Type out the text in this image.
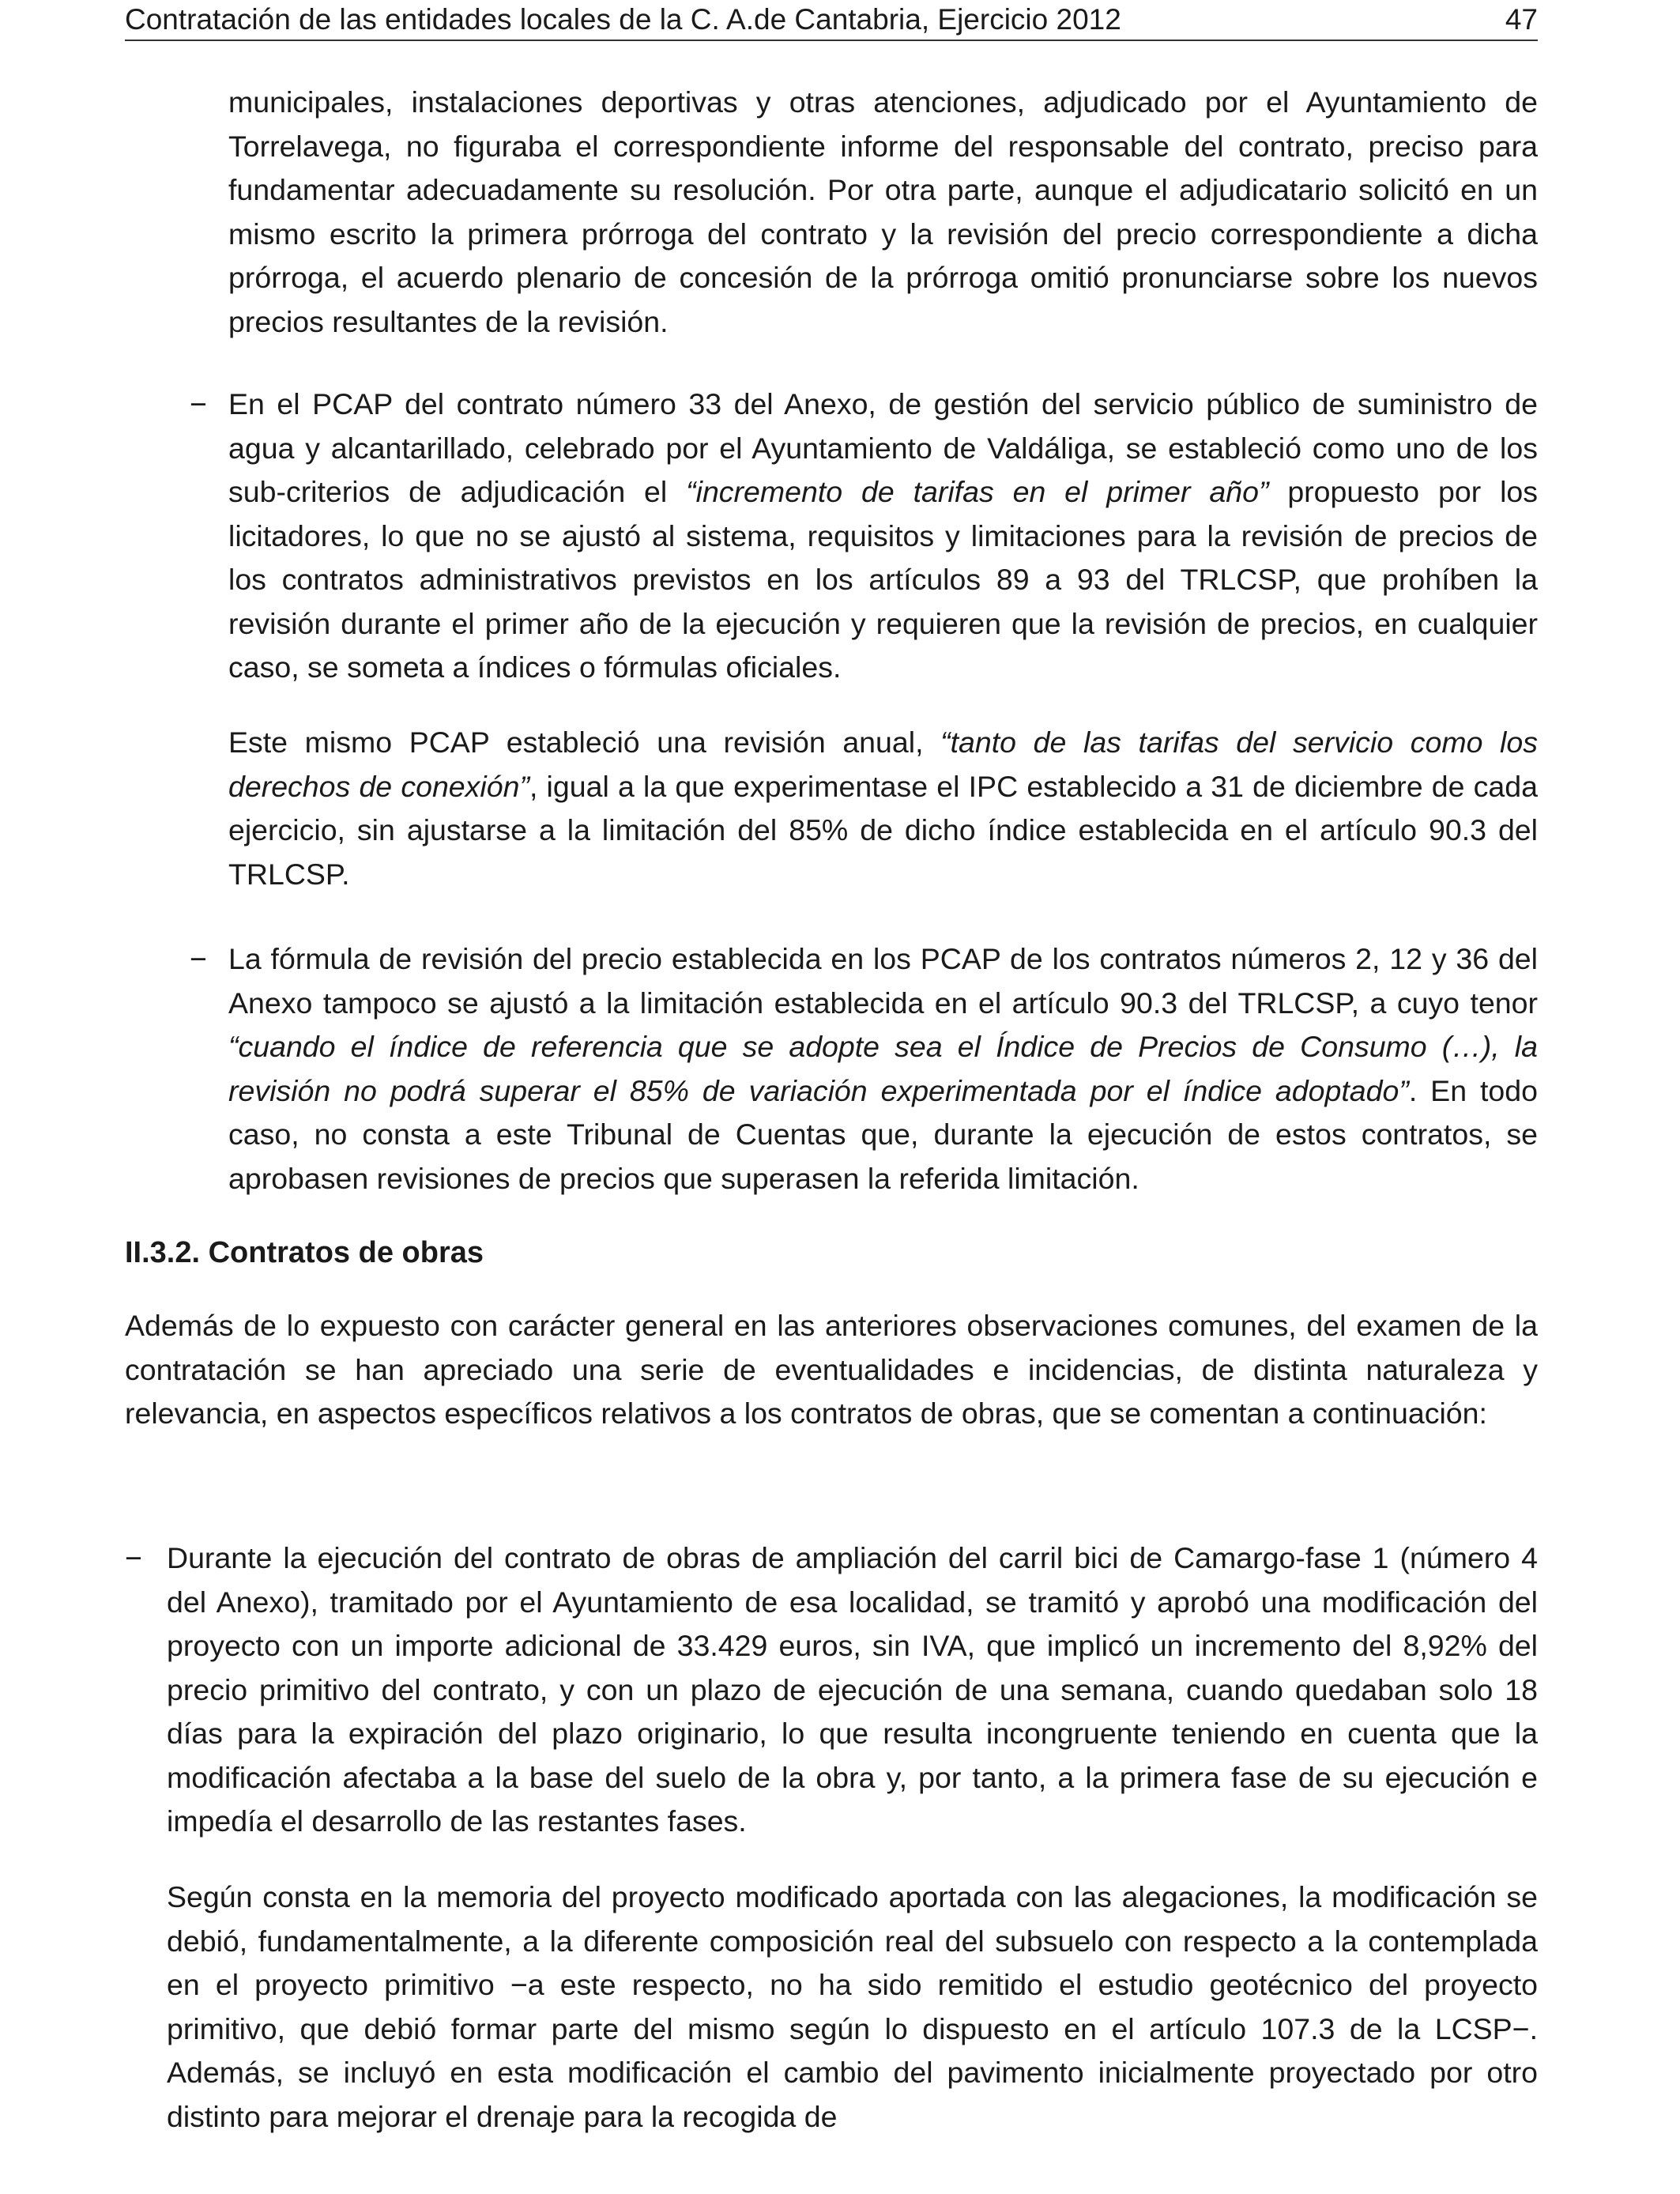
Contratación de las entidades locales de la C. A.de Cantabria, Ejercicio 2012	47

municipales, instalaciones deportivas y otras atenciones, adjudicado por el Ayuntamiento de Torrelavega, no figuraba el correspondiente informe del responsable del contrato, preciso para fundamentar adecuadamente su resolución. Por otra parte, aunque el adjudicatario solicitó en un mismo escrito la primera prórroga del contrato y la revisión del precio correspondiente a dicha prórroga, el acuerdo plenario de concesión de la prórroga omitió pronunciarse sobre los nuevos precios resultantes de la revisión.

− En el PCAP del contrato número 33 del Anexo, de gestión del servicio público de suministro de agua y alcantarillado, celebrado por el Ayuntamiento de Valdáliga, se estableció como uno de los sub-criterios de adjudicación el “incremento de tarifas en el primer año” propuesto por los licitadores, lo que no se ajustó al sistema, requisitos y limitaciones para la revisión de precios de los contratos administrativos previstos en los artículos 89 a 93 del TRLCSP, que prohíben la revisión durante el primer año de la ejecución y requieren que la revisión de precios, en cualquier caso, se someta a índices o fórmulas oficiales.

Este mismo PCAP estableció una revisión anual, “tanto de las tarifas del servicio como los derechos de conexión”, igual a la que experimentase el IPC establecido a 31 de diciembre de cada ejercicio, sin ajustarse a la limitación del 85% de dicho índice establecida en el artículo 90.3 del TRLCSP.

− La fórmula de revisión del precio establecida en los PCAP de los contratos números 2, 12 y 36 del Anexo tampoco se ajustó a la limitación establecida en el artículo 90.3 del TRLCSP, a cuyo tenor “cuando el índice de referencia que se adopte sea el Índice de Precios de Consumo (…), la revisión no podrá superar el 85% de variación experimentada por el índice adoptado”. En todo caso, no consta a este Tribunal de Cuentas que, durante la ejecución de estos contratos, se aprobasen revisiones de precios que superasen la referida limitación.

II.3.2. Contratos de obras

Además de lo expuesto con carácter general en las anteriores observaciones comunes, del examen de la contratación se han apreciado una serie de eventualidades e incidencias, de distinta naturaleza y relevancia, en aspectos específicos relativos a los contratos de obras, que se comentan a continuación:

− Durante la ejecución del contrato de obras de ampliación del carril bici de Camargo-fase 1 (número 4 del Anexo), tramitado por el Ayuntamiento de esa localidad, se tramitó y aprobó una modificación del proyecto con un importe adicional de 33.429 euros, sin IVA, que implicó un incremento del 8,92% del precio primitivo del contrato, y con un plazo de ejecución de una semana, cuando quedaban solo 18 días para la expiración del plazo originario, lo que resulta incongruente teniendo en cuenta que la modificación afectaba a la base del suelo de la obra y, por tanto, a la primera fase de su ejecución e impedía el desarrollo de las restantes fases.

Según consta en la memoria del proyecto modificado aportada con las alegaciones, la modificación se debió, fundamentalmente, a la diferente composición real del subsuelo con respecto a la contemplada en el proyecto primitivo −a este respecto, no ha sido remitido el estudio geotécnico del proyecto primitivo, que debió formar parte del mismo según lo dispuesto en el artículo 107.3 de la LCSP−. Además, se incluyó en esta modificación el cambio del pavimento inicialmente proyectado por otro distinto para mejorar el drenaje para la recogida de
